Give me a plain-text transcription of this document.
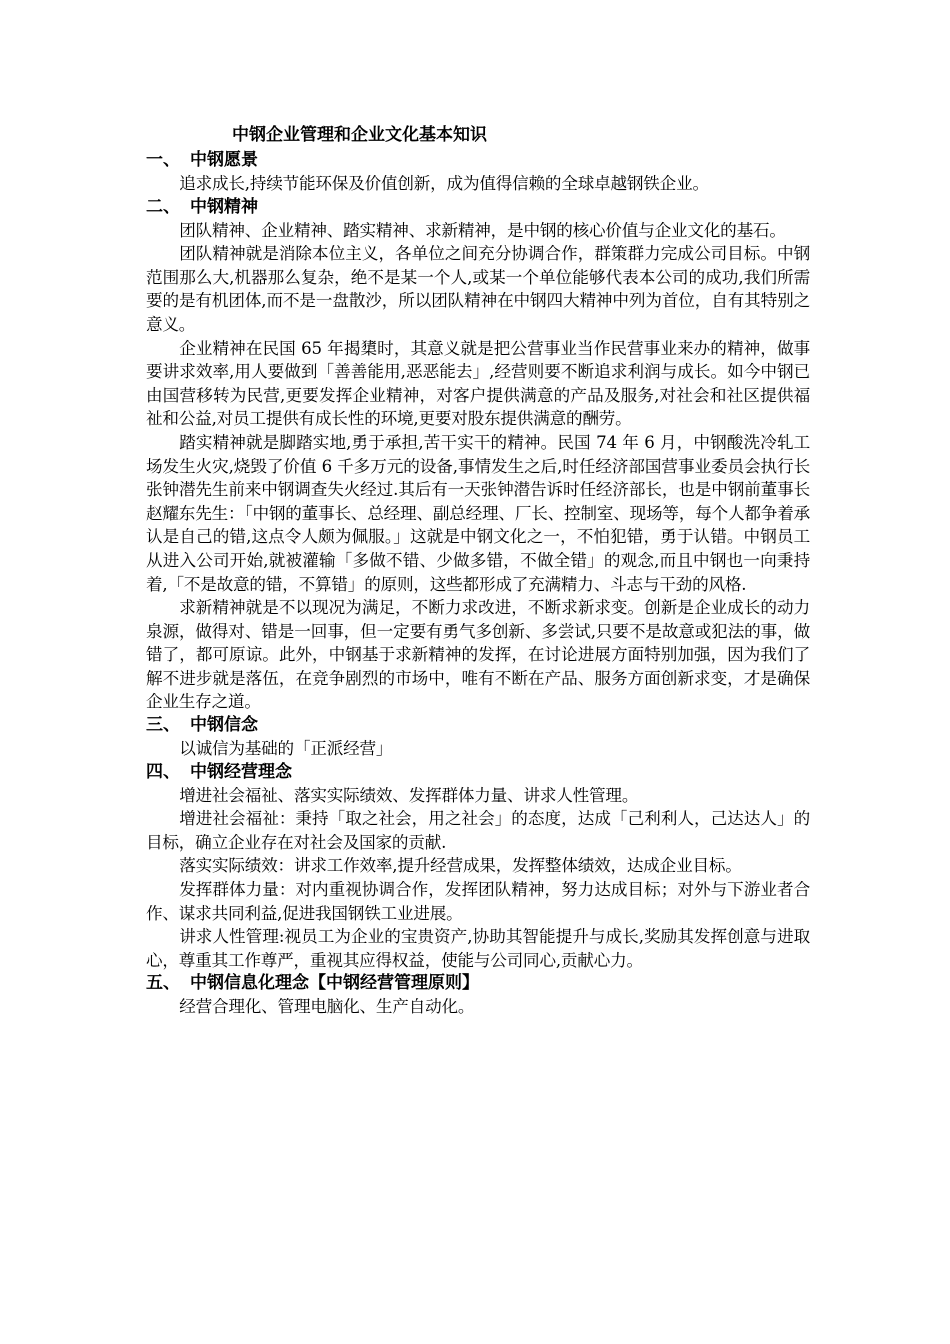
中钢企业管理和企业文化基本知识
一、 中钢愿景

追求成长,持续节能环保及价值创新，成为值得信赖的全球卓越钢铁企业。

二、 中钢精神

团队精神、企业精神、踏实精神、求新精神，是中钢的核心价值与企业文化的基石。

团队精神就是消除本位主义，各单位之间充分协调合作，群策群力完成公司目标。中钢范围那么大,机器那么复杂，绝不是某一个人,或某一个单位能够代表本公司的成功,我们所需要的是有机团体,而不是一盘散沙，所以团队精神在中钢四大精神中列为首位，自有其特别之意义。

企业精神在民国 65 年揭橥时，其意义就是把公营事业当作民营事业来办的精神，做事要讲求效率,用人要做到「善善能用,恶恶能去」,经营则要不断追求利润与成长。如今中钢已由国营移转为民营,更要发挥企业精神，对客户提供满意的产品及服务,对社会和社区提供福祉和公益,对员工提供有成长性的环境,更要对股东提供满意的酬劳。

踏实精神就是脚踏实地,勇于承担,苦干实干的精神。民国 74 年 6 月，中钢酸洗冷轧工场发生火灾,烧毁了价值 6 千多万元的设备,事情发生之后,时任经济部国营事业委员会执行长张钟潜先生前来中钢调查失火经过.其后有一天张钟潜告诉时任经济部长，也是中钢前董事长赵耀东先生：「中钢的董事长、总经理、副总经理、厂长、控制室、现场等，每个人都争着承认是自己的错,这点令人颇为佩服。」这就是中钢文化之一，不怕犯错，勇于认错。中钢员工从进入公司开始,就被灌输「多做不错、少做多错，不做全错」的观念,而且中钢也一向秉持着,「不是故意的错，不算错」的原则，这些都形成了充满精力、斗志与干劲的风格.

求新精神就是不以现况为满足，不断力求改进，不断求新求变。创新是企业成长的动力泉源，做得对、错是一回事，但一定要有勇气多创新、多尝试,只要不是故意或犯法的事，做错了，都可原谅。此外，中钢基于求新精神的发挥，在讨论进展方面特别加强，因为我们了解不进步就是落伍，在竞争剧烈的市场中，唯有不断在产品、服务方面创新求变，才是确保企业生存之道。

三、 中钢信念

以诚信为基础的「正派经营」

四、 中钢经营理念

增进社会福祉、落实实际绩效、发挥群体力量、讲求人性管理。

增进社会福祉：秉持「取之社会，用之社会」的态度，达成「己利利人，己达达人」的目标，确立企业存在对社会及国家的贡献.

落实实际绩效：讲求工作效率,提升经营成果，发挥整体绩效，达成企业目标。

发挥群体力量：对内重视协调合作，发挥团队精神，努力达成目标；对外与下游业者合作、谋求共同利益,促进我国钢铁工业进展。

讲求人性管理:视员工为企业的宝贵资产,协助其智能提升与成长,奖励其发挥创意与进取心，尊重其工作尊严，重视其应得权益，使能与公司同心,贡献心力。

五、 中钢信息化理念【中钢经营管理原则】

经营合理化、管理电脑化、生产自动化。
